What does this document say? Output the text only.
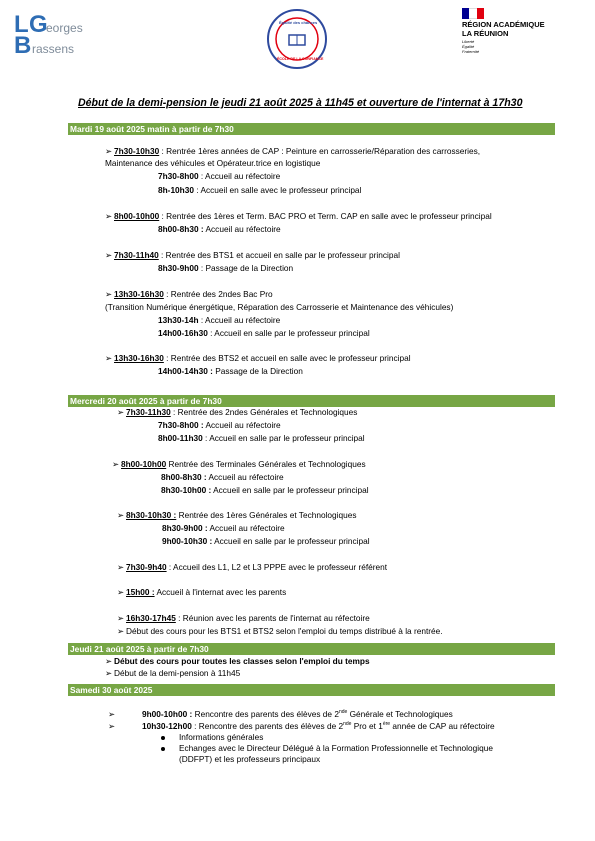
L G
eorges
B rassens
Égalité des chances
ÉCOLE DE LA CONFIANCE
RÉGION ACADÉMIQUE
LA RÉUNION
Liberté
Égalité
Fraternité
Début de la demi-pension le jeudi 21 août 2025 à 11h45 et ouverture de l'internat à 17h30
Mardi 19 août 2025 matin à partir de 7h30
➢ 7h30-10h30 : Rentrée 1ères années de CAP : Peinture en carrosserie/Réparation des carrosseries,
Maintenance des véhicules et Opérateur.trice en logistique
7h30-8h00 : Accueil au réfectoire
8h-10h30 : Accueil en salle avec le professeur principal
➢ 8h00-10h00 : Rentrée des 1ères et Term. BAC PRO et Term. CAP en salle avec le professeur principal
8h00-8h30 : Accueil au réfectoire
➢ 7h30-11h40 : Rentrée des BTS1 et accueil en salle par le professeur principal
8h30-9h00 : Passage de la Direction
➢ 13h30-16h30 : Rentrée des 2ndes Bac Pro
(Transition Numérique énergétique, Réparation des Carrosserie et Maintenance des véhicules)
13h30-14h : Accueil au réfectoire
14h00-16h30 : Accueil en salle par le professeur principal
➢ 13h30-16h30 : Rentrée des BTS2 et accueil en salle avec le professeur principal
14h00-14h30 : Passage de la Direction
Mercredi 20 août 2025 à partir de 7h30
➢ 7h30-11h30 : Rentrée des 2ndes Générales et Technologiques
7h30-8h00 : Accueil au réfectoire
8h00-11h30 : Accueil en salle par le professeur principal
➢ 8h00-10h00 Rentrée des Terminales Générales et Technologiques
8h00-8h30 : Accueil au réfectoire
8h30-10h00 : Accueil en salle par le professeur principal
➢ 8h30-10h30 : Rentrée des 1ères Générales et Technologiques
8h30-9h00 : Accueil au réfectoire
9h00-10h30 : Accueil en salle par le professeur principal
➢ 7h30-9h40 : Accueil des L1, L2 et L3 PPPE avec le professeur référent
➢ 15h00 : Accueil à l'internat avec les parents
➢ 16h30-17h45 : Réunion avec les parents de l'internat au réfectoire
➢ Début des cours pour les BTS1 et BTS2 selon l'emploi du temps distribué à la rentrée.
Jeudi 21 août 2025 à partir de 7h30
➢ Début des cours pour toutes les classes selon l'emploi du temps
➢ Début de la demi-pension à 11h45
Samedi 30 août 2025
➢	9h00-10h00 : Rencontre des parents des élèves de 2nde Générale et Technologiques
➢	10h30-12h00 : Rencontre des parents des élèves de 2nde Pro et 1ère année de CAP au réfectoire
Informations générales
Echanges avec le Directeur Délégué à la Formation Professionnelle et Technologique
(DDFPT) et les professeurs principaux
